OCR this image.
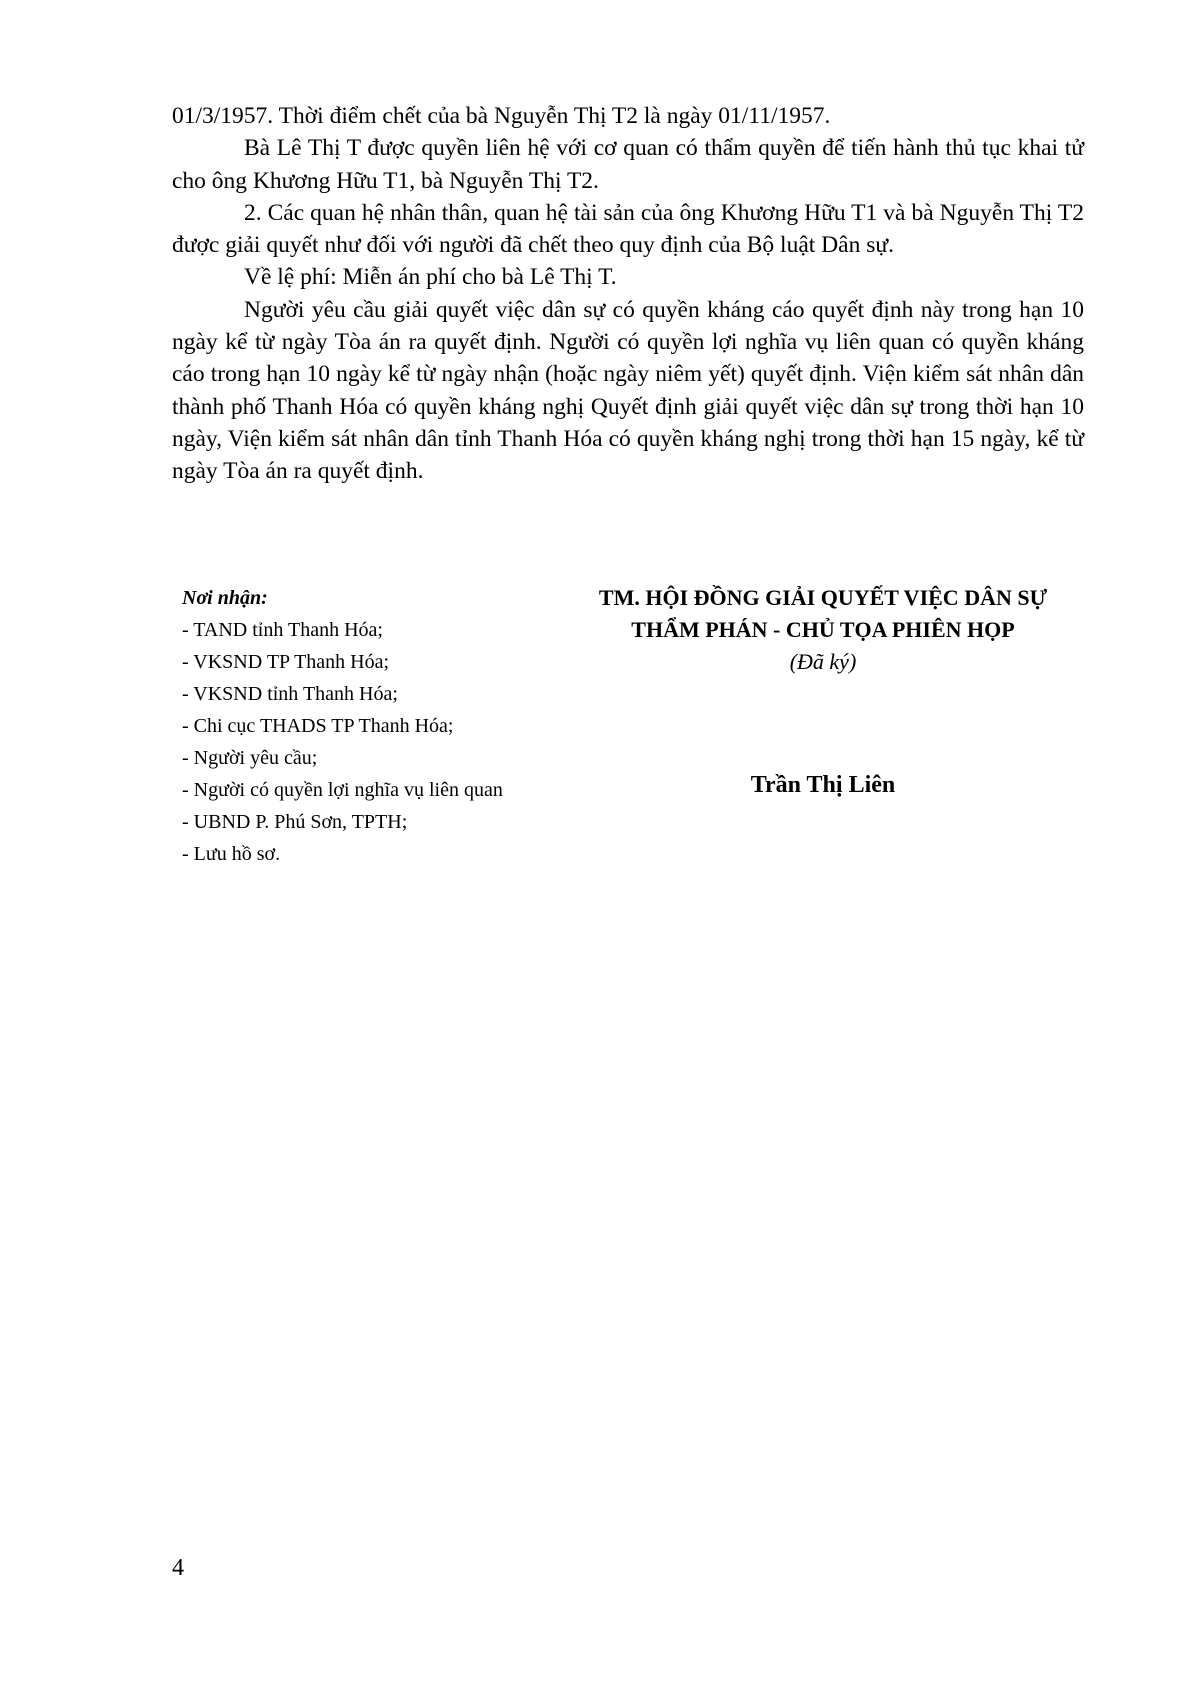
01/3/1957. Thời điểm chết của bà Nguyễn Thị T2 là ngày 01/11/1957.

Bà Lê Thị T được quyền liên hệ với cơ quan có thẩm quyền để tiến hành thủ tục khai tử cho ông Khương Hữu T1, bà Nguyễn Thị T2.

2. Các quan hệ nhân thân, quan hệ tài sản của ông Khương Hữu T1 và bà Nguyễn Thị T2 được giải quyết như đối với người đã chết theo quy định của Bộ luật Dân sự.

Về lệ phí: Miễn án phí cho bà Lê Thị T.

Người yêu cầu giải quyết việc dân sự có quyền kháng cáo quyết định này trong hạn 10 ngày kể từ ngày Tòa án ra quyết định. Người có quyền lợi nghĩa vụ liên quan có quyền kháng cáo trong hạn 10 ngày kể từ ngày nhận (hoặc ngày niêm yết) quyết định. Viện kiểm sát nhân dân thành phố Thanh Hóa có quyền kháng nghị Quyết định giải quyết việc dân sự trong thời hạn 10 ngày, Viện kiểm sát nhân dân tỉnh Thanh Hóa có quyền kháng nghị trong thời hạn 15 ngày, kể từ ngày Tòa án ra quyết định.

Nơi nhận:
- TAND tỉnh Thanh Hóa;
- VKSND TP Thanh Hóa;
- VKSND tỉnh Thanh Hóa;
- Chi cục THADS TP Thanh Hóa;
- Người yêu cầu;
- Người có quyền lợi nghĩa vụ liên quan
- UBND P. Phú Sơn, TPTH;
- Lưu hồ sơ.
TM. HỘI ĐỒNG GIẢI QUYẾT VIỆC DÂN SỰ
THẨM PHÁN - CHỦ TỌA PHIÊN HỌP
(Đã ký)
Trần Thị Liên
4
